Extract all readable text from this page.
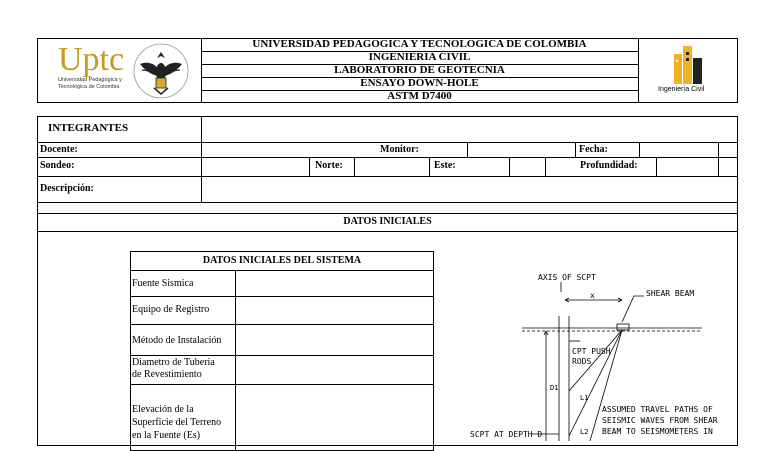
Uptc
Universidad Pedagógica y
Tecnológica de Colombia
UNIVERSIDAD PEDAGOGICA Y TECNOLOGICA DE COLOMBIA
INGENIERIA CIVIL
LABORATORIO DE GEOTECNIA
ENSAYO DOWN-HOLE
ASTM D7400
Ingeniería Civil
INTEGRANTES
Docente:	Monitor:	Fecha:
Sondeo:	Norte:	Este:	Profundidad:
Descripción:
DATOS INICIALES
DATOS INICIALES DEL SISTEMA
Fuente Sismica
Equipo de Registro
Método de Instalación
Diametro de Tuberia
de Revestimiento
Elevación de la
Superficie del Terreno
en la Fuente (Es)
AXIS OF SCPT
x	SHEAR BEAM
CPT PUSH
RODS
D1
L1
L2
SCPT AT DEPTH D
ASSUMED TRAVEL PATHS OF
SEISMIC WAVES FROM SHEAR
BEAM TO SEISMOMETERS IN
